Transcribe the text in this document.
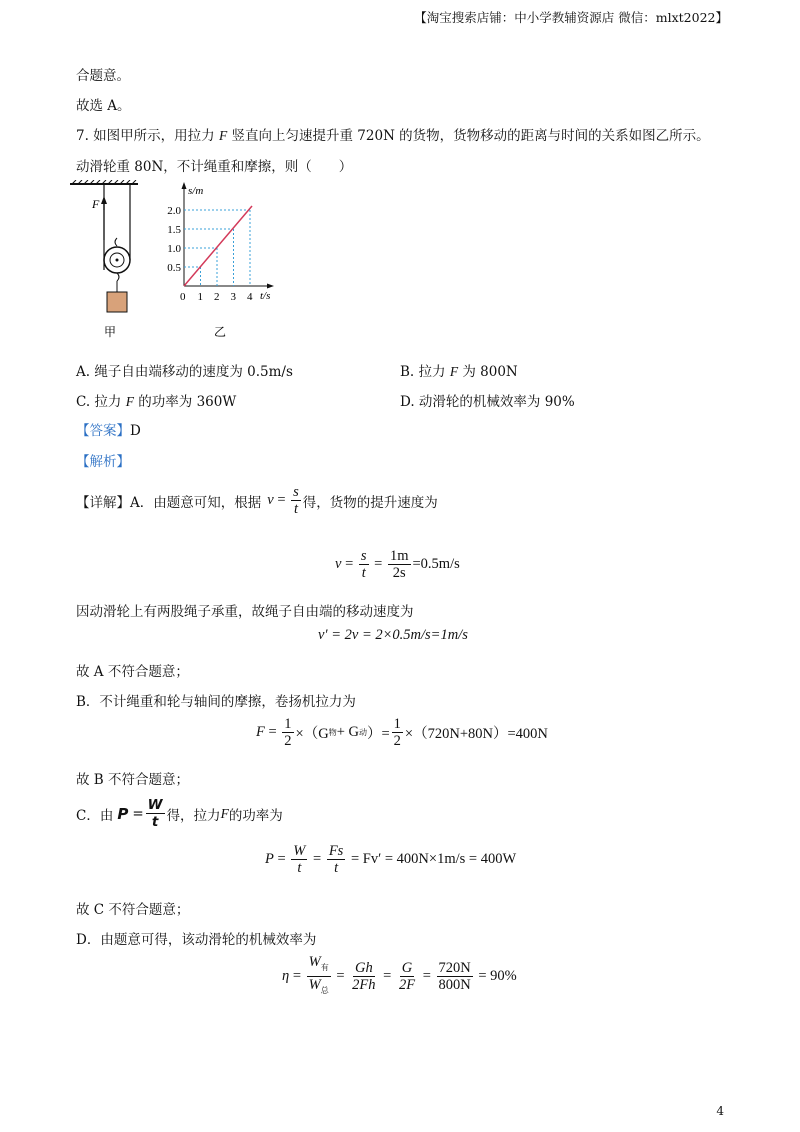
【淘宝搜索店铺：中小学教辅资源店 微信：mlxt2022】
合题意。
故选 A。
7. 如图甲所示，用拉力 F 竖直向上匀速提升重 720N 的货物，货物移动的距离与时间的关系如图乙所示。
动滑轮重 80N，不计绳重和摩擦，则（　　）
F
甲
s/m
t/s
2.0
1.5
1.0
0.5
0 1 2 3 4
乙
A. 绳子自由端移动的速度为 0.5m/s	B. 拉力 F 为 800N
C. 拉力 F 的功率为 360W	D. 动滑轮的机械效率为 90%
【答案】D
【解析】
【详解】A．由题意可知，根据 $v = \frac{s}{t}$ 得，货物的提升速度为
$v = \frac{s}{t} = \frac{1m}{2s} =0.5m/s$
因动滑轮上有两股绳子承重，故绳子自由端的移动速度为
v′ = 2v = 2×0.5m/s=1m/s
故 A 不符合题意；
B．不计绳重和轮与轴间的摩擦，卷扬机拉力为
$F = \frac{1}{2} \times(G$ 物 + G 动 ）= $\frac{1}{2} \times(720N+80N)=400N$
故 B 不符合题意；
C．由 $P = \frac{W}{t}$ 得，拉力 F 的功率为
$P = \frac{W}{t} = \frac{Fs}{t}$
= Fv′ = 400N×1m/s = 400W
故 C 不符合题意；
D．由题意可得，该动滑轮的机械效率为
$\eta = \frac{W_有}{W_总} = \frac{Gh}{2Fh} = \frac{G}{2F} = \frac{720N}{800N}$
= 90%
4
